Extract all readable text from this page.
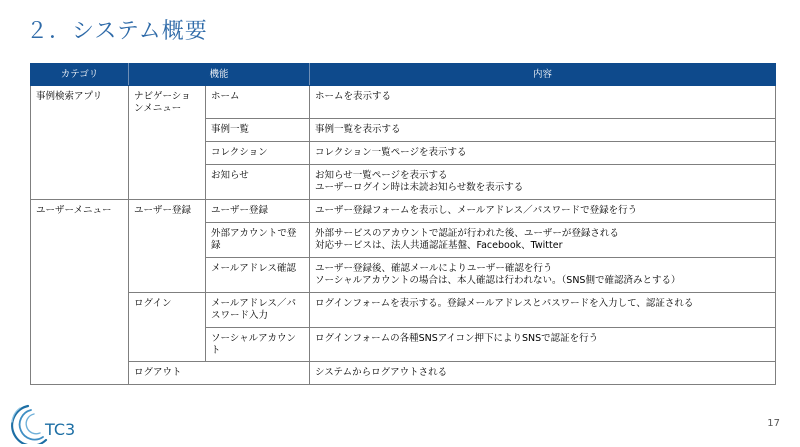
２．システム概要
カテゴリ	機能		内容
事例検索アプリ	ナビゲーションメニュー	ホーム	ホームを表示する
		事例一覧	事例一覧を表示する
		コレクション	コレクション一覧ページを表示する
		お知らせ	お知らせ一覧ページを表示する
ユーザーログイン時は未読お知らせ数を表示する

ユーザーメニュー	ユーザー登録	ユーザー登録	ユーザー登録フォームを表示し、メールアドレス／パスワードで登録を行う
		外部アカウントで登録	外部サービスのアカウントで認証が行われた後、ユーザーが登録される
対応サービスは、法人共通認証基盤、Facebook、Twitter

		メールアドレス確認	ユーザー登録後、確認メールによりユーザー確認を行う
ソーシャルアカウントの場合は、本人確認は行われない。（SNS側で確認済みとする）

	ログイン	メールアドレス／パスワード入力	ログインフォームを表示する。登録メールアドレスとパスワードを入力して、認証される
		ソーシャルアカウント	ログインフォームの各種SNSアイコン押下によりSNSで認証を行う
	ログアウト		システムからログアウトされる
TC3	17
